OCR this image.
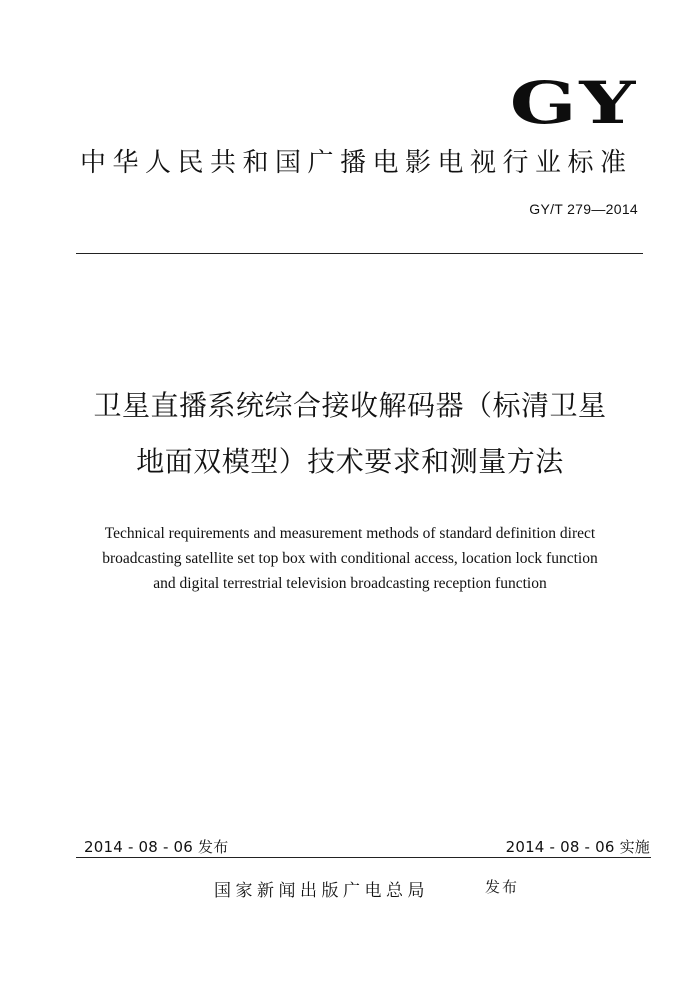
GY
中华人民共和国广播电影电视行业标准
GY/T 279—2014
卫星直播系统综合接收解码器（标清卫星
地面双模型）技术要求和测量方法
Technical requirements and measurement methods of standard definition direct
broadcasting satellite set top box with conditional access, location lock function
and digital terrestrial television broadcasting reception function
2014 - 08 - 06 发布	2014 - 08 - 06 实施
国家新闻出版广电总局	发布
